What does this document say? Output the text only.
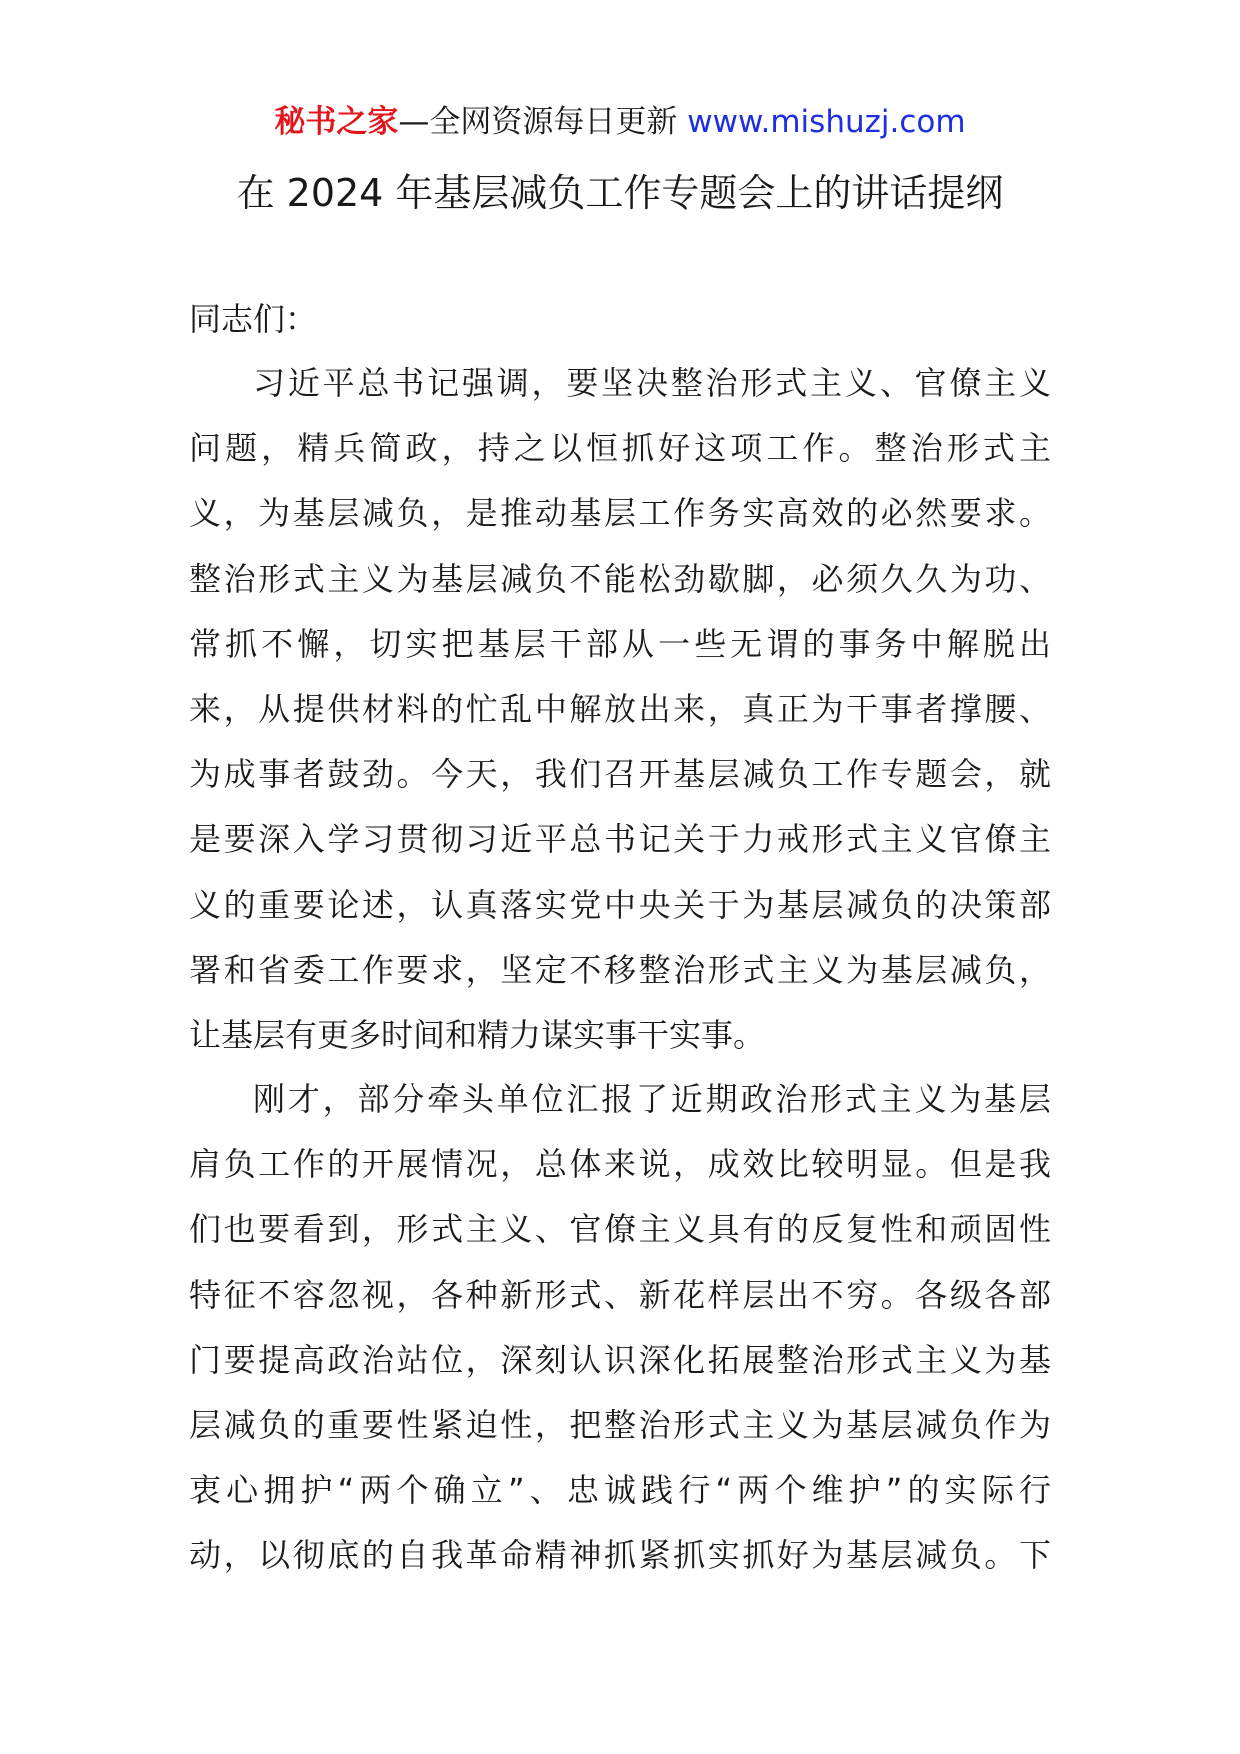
秘书之家—全网资源每日更新 www.mishuzj.com
在 2024 年基层减负工作专题会上的讲话提纲
同志们：
习近平总书记强调，要坚决整治形式主义、官僚主义
问题，精兵简政，持之以恒抓好这项工作。整治形式主
义，为基层减负，是推动基层工作务实高效的必然要求。
整治形式主义为基层减负不能松劲歇脚，必须久久为功、
常抓不懈，切实把基层干部从一些无谓的事务中解脱出
来，从提供材料的忙乱中解放出来，真正为干事者撑腰、
为成事者鼓劲。今天，我们召开基层减负工作专题会，就
是要深入学习贯彻习近平总书记关于力戒形式主义官僚主
义的重要论述，认真落实党中央关于为基层减负的决策部
署和省委工作要求，坚定不移整治形式主义为基层减负，
让基层有更多时间和精力谋实事干实事。
刚才，部分牵头单位汇报了近期政治形式主义为基层
肩负工作的开展情况，总体来说，成效比较明显。但是我
们也要看到，形式主义、官僚主义具有的反复性和顽固性
特征不容忽视，各种新形式、新花样层出不穷。各级各部
门要提高政治站位，深刻认识深化拓展整治形式主义为基
层减负的重要性紧迫性，把整治形式主义为基层减负作为
衷心拥护“两个确立”、忠诚践行“两个维护”的实际行
动，以彻底的自我革命精神抓紧抓实抓好为基层减负。下
